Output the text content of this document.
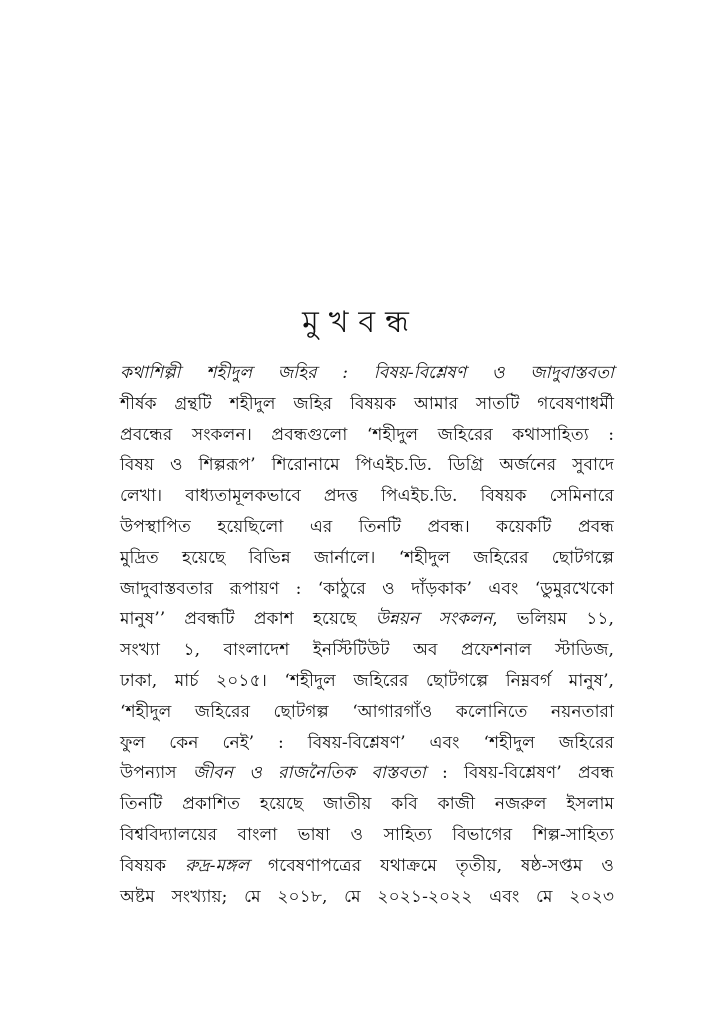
মুখবন্ধ
কথাশিল্পী শহীদুল জহির : বিষয়-বিশ্লেষণ ও জাদুবাস্তবতা
শীর্ষক গ্রন্থটি শহীদুল জহির বিষয়ক আমার সাতটি গবেষণাধর্মী
প্রবন্ধের সংকলন। প্রবন্ধগুলো ‘শহীদুল জহিরের কথাসাহিত্য :
বিষয় ও শিল্পরূপ’ শিরোনামে পিএইচ.ডি. ডিগ্রি অর্জনের সুবাদে
লেখা। বাধ্যতামূলকভাবে প্রদত্ত পিএইচ.ডি. বিষয়ক সেমিনারে
উপস্থাপিত হয়েছিলো এর তিনটি প্রবন্ধ। কয়েকটি প্রবন্ধ
মুদ্রিত হয়েছে বিভিন্ন জার্নালে। ‘শহীদুল জহিরের ছোটগল্পে
জাদুবাস্তবতার রূপায়ণ : ‘কাঠুরে ও দাঁড়কাক’ এবং ‘ডুমুরখেকো
মানুষ’’ প্রবন্ধটি প্রকাশ হয়েছে উন্নয়ন সংকলন, ভলিয়ম ১১,
সংখ্যা ১, বাংলাদেশ ইনস্টিটিউট অব প্রফেশনাল স্টাডিজ,
ঢাকা, মার্চ ২০১৫। ‘শহীদুল জহিরের ছোটগল্পে নিম্নবর্গ মানুষ’,
‘শহীদুল জহিরের ছোটগল্প ‘আগারগাঁও কলোনিতে নয়নতারা
ফুল কেন নেই’ : বিষয়-বিশ্লেষণ’ এবং ‘শহীদুল জহিরের
উপন্যাস জীবন ও রাজনৈতিক বাস্তবতা : বিষয়-বিশ্লেষণ’ প্রবন্ধ
তিনটি প্রকাশিত হয়েছে জাতীয় কবি কাজী নজরুল ইসলাম
বিশ্ববিদ্যালয়ের বাংলা ভাষা ও সাহিত্য বিভাগের শিল্প-সাহিত্য
বিষয়ক রুদ্র-মঙ্গল গবেষণাপত্রের যথাক্রমে তৃতীয়, ষষ্ঠ-সপ্তম ও
অষ্টম সংখ্যায়; মে ২০১৮, মে ২০২১-২০২২ এবং মে ২০২৩
